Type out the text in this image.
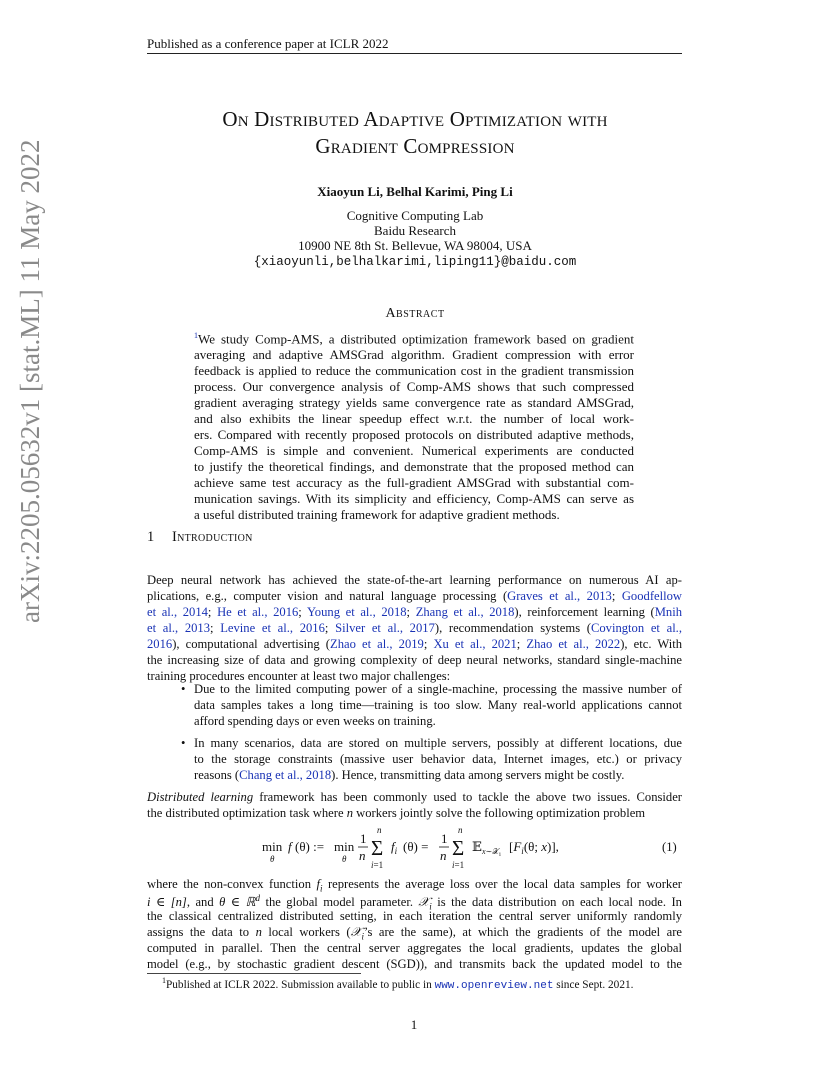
Published as a conference paper at ICLR 2022
arXiv:2205.05632v1 [stat.ML] 11 May 2022
On Distributed Adaptive Optimization with
Gradient Compression
Xiaoyun Li, Belhal Karimi, Ping Li
Cognitive Computing Lab
Baidu Research
10900 NE 8th St. Bellevue, WA 98004, USA
{xiaoyunli,belhalkarimi,liping11}@baidu.com
Abstract
$^1$We study Comp-AMS, a distributed optimization framework based on gradient
averaging and adaptive AMSGrad algorithm. Gradient compression with error
feedback is applied to reduce the communication cost in the gradient transmission
process. Our convergence analysis of Comp-AMS shows that such compressed
gradient averaging strategy yields same convergence rate as standard AMSGrad,
and also exhibits the linear speedup effect w.r.t. the number of local work-
ers. Compared with recently proposed protocols on distributed adaptive methods,
Comp-AMS is simple and convenient. Numerical experiments are conducted
to justify the theoretical findings, and demonstrate that the proposed method can
achieve same test accuracy as the full-gradient AMSGrad with substantial com-
munication savings. With its simplicity and efficiency, Comp-AMS can serve as
a useful distributed training framework for adaptive gradient methods.
1 Introduction
Deep neural network has achieved the state-of-the-art learning performance on numerous AI ap-
plications, e.g., computer vision and natural language processing (Graves et al., 2013; Goodfellow
et al., 2014; He et al., 2016; Young et al., 2018; Zhang et al., 2018), reinforcement learning (Mnih
et al., 2013; Levine et al., 2016; Silver et al., 2017), recommendation systems (Covington et al.,
2016), computational advertising (Zhao et al., 2019; Xu et al., 2021; Zhao et al., 2022), etc. With
the increasing size of data and growing complexity of deep neural networks, standard single-machine
training procedures encounter at least two major challenges:
• Due to the limited computing power of a single-machine, processing the massive number of
data samples takes a long time—training is too slow. Many real-world applications cannot
afford spending days or even weeks on training.
• In many scenarios, data are stored on multiple servers, possibly at different locations, due
to the storage constraints (massive user behavior data, Internet images, etc.) or privacy
reasons (Chang et al., 2018). Hence, transmitting data among servers might be costly.
Distributed learning framework has been commonly used to tackle the above two issues. Consider
the distributed optimization task where n workers jointly solve the following optimization problem
min
θ
f (θ) := min
θ
1
n
n
Σ
i=1
$f_i$ (θ) =
1
n
n
Σ
i=1
𝔼 x∼𝒳$_i$
[$F_i(\theta$; x)],	(1)
where the non-convex function $f_i$ represents the average loss over the local data samples for worker
i ∈ [n], and θ ∈ ℝ$^d$ the global model parameter. 𝒳$_i$ is the data distribution on each local node. In
the classical centralized distributed setting, in each iteration the central server uniformly randomly
assigns the data to n local workers (𝒳$_i$’s are the same), at which the gradients of the model are
computed in parallel. Then the central server aggregates the local gradients, updates the global
model (e.g., by stochastic gradient descent (SGD)), and transmits back the updated model to the
$^1$Published at ICLR 2022. Submission available to public in www.openreview.net since Sept. 2021.
1
